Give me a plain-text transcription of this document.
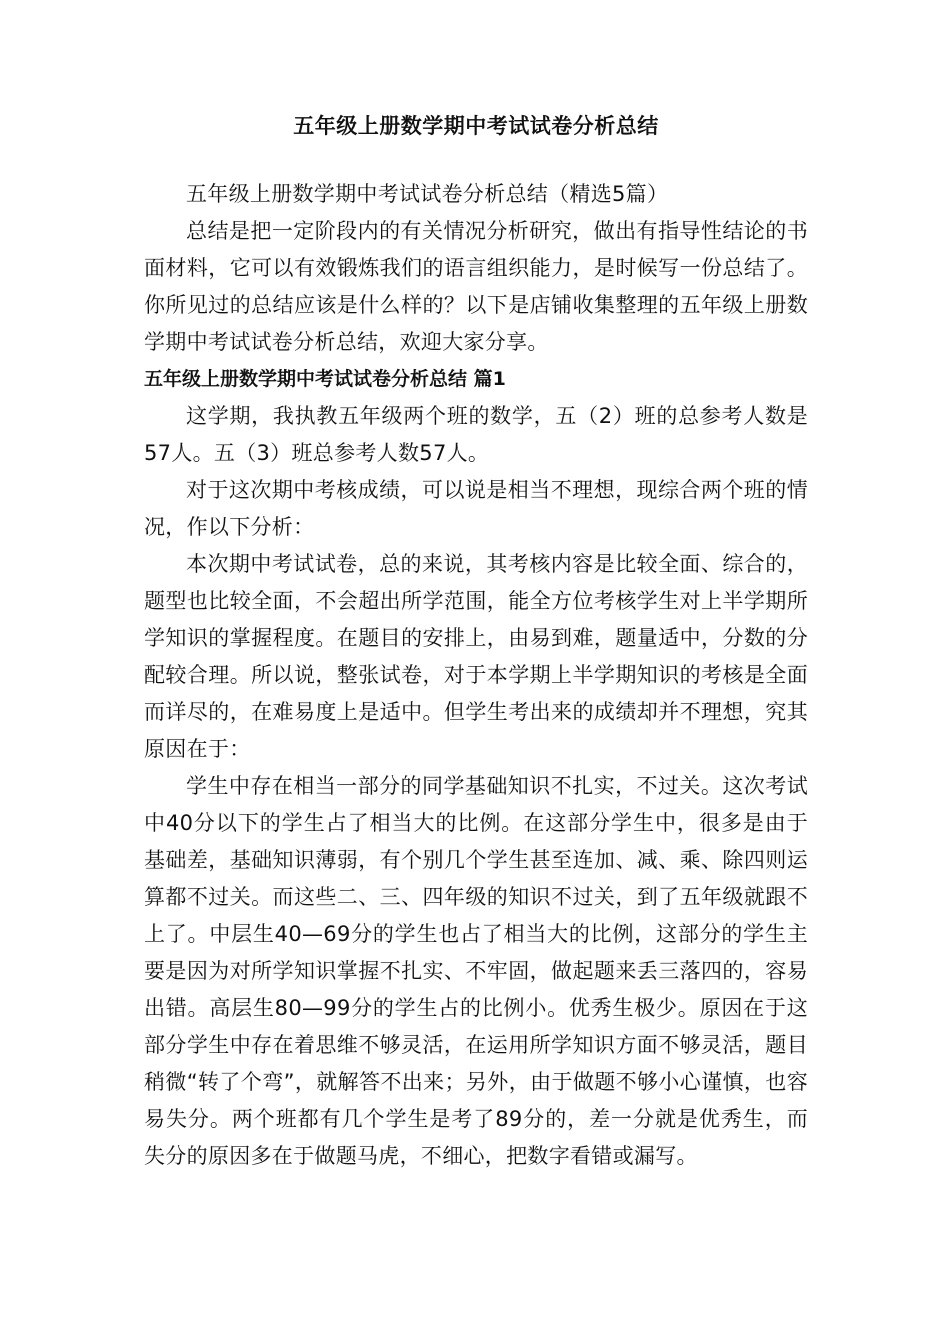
五年级上册数学期中考试试卷分析总结

五年级上册数学期中考试试卷分析总结（精选5篇）

总结是把一定阶段内的有关情况分析研究，做出有指导性结论的书面材料，它可以有效锻炼我们的语言组织能力，是时候写一份总结了。你所见过的总结应该是什么样的？以下是店铺收集整理的五年级上册数学期中考试试卷分析总结，欢迎大家分享。

五年级上册数学期中考试试卷分析总结 篇1

这学期，我执教五年级两个班的数学，五（2）班的总参考人数是57人。五（3）班总参考人数57人。

对于这次期中考核成绩，可以说是相当不理想，现综合两个班的情况，作以下分析：

本次期中考试试卷，总的来说，其考核内容是比较全面、综合的，题型也比较全面，不会超出所学范围，能全方位考核学生对上半学期所学知识的掌握程度。在题目的安排上，由易到难，题量适中，分数的分配较合理。所以说，整张试卷，对于本学期上半学期知识的考核是全面而详尽的，在难易度上是适中。但学生考出来的成绩却并不理想，究其原因在于：

学生中存在相当一部分的同学基础知识不扎实，不过关。这次考试中40分以下的学生占了相当大的比例。在这部分学生中，很多是由于基础差，基础知识薄弱，有个别几个学生甚至连加、减、乘、除四则运算都不过关。而这些二、三、四年级的知识不过关，到了五年级就跟不上了。中层生40—69分的学生也占了相当大的比例，这部分的学生主要是因为对所学知识掌握不扎实、不牢固，做起题来丢三落四的，容易出错。高层生80—99分的学生占的比例小。优秀生极少。原因在于这部分学生中存在着思维不够灵活，在运用所学知识方面不够灵活，题目稍微“转了个弯”，就解答不出来；另外，由于做题不够小心谨慎，也容易失分。两个班都有几个学生是考了89分的，差一分就是优秀生，而失分的原因多在于做题马虎，不细心，把数字看错或漏写。
